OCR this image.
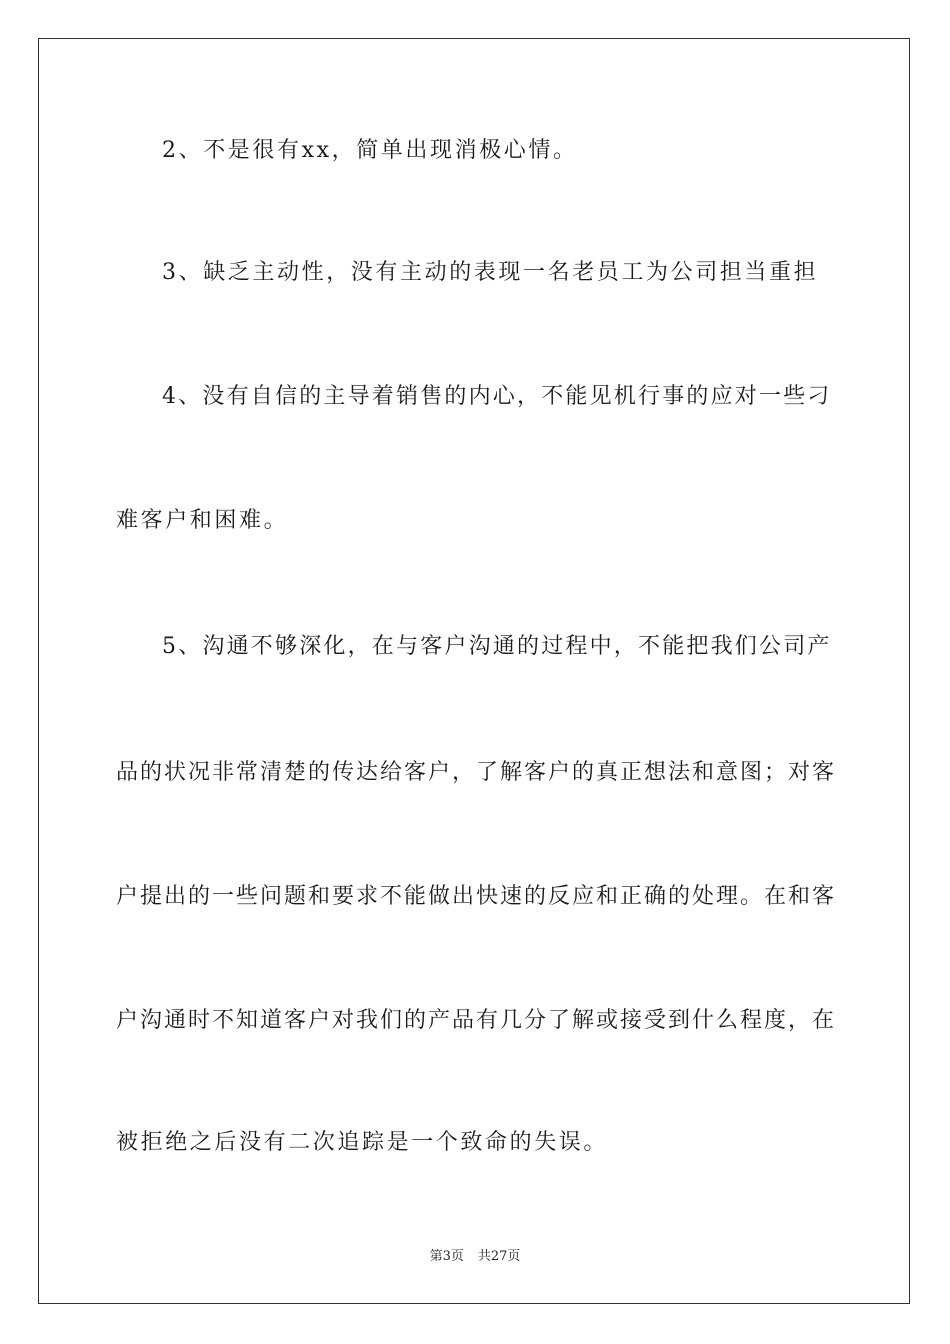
2、不是很有xx，简单出现消极心情。
3、缺乏主动性，没有主动的表现一名老员工为公司担当重担
4、没有自信的主导着销售的内心，不能见机行事的应对一些刁
难客户和困难。
5、沟通不够深化，在与客户沟通的过程中，不能把我们公司产
品的状况非常清楚的传达给客户，了解客户的真正想法和意图；对客
户提出的一些问题和要求不能做出快速的反应和正确的处理。在和客
户沟通时不知道客户对我们的产品有几分了解或接受到什么程度，在
被拒绝之后没有二次追踪是一个致命的失误。
第3页 共27页
